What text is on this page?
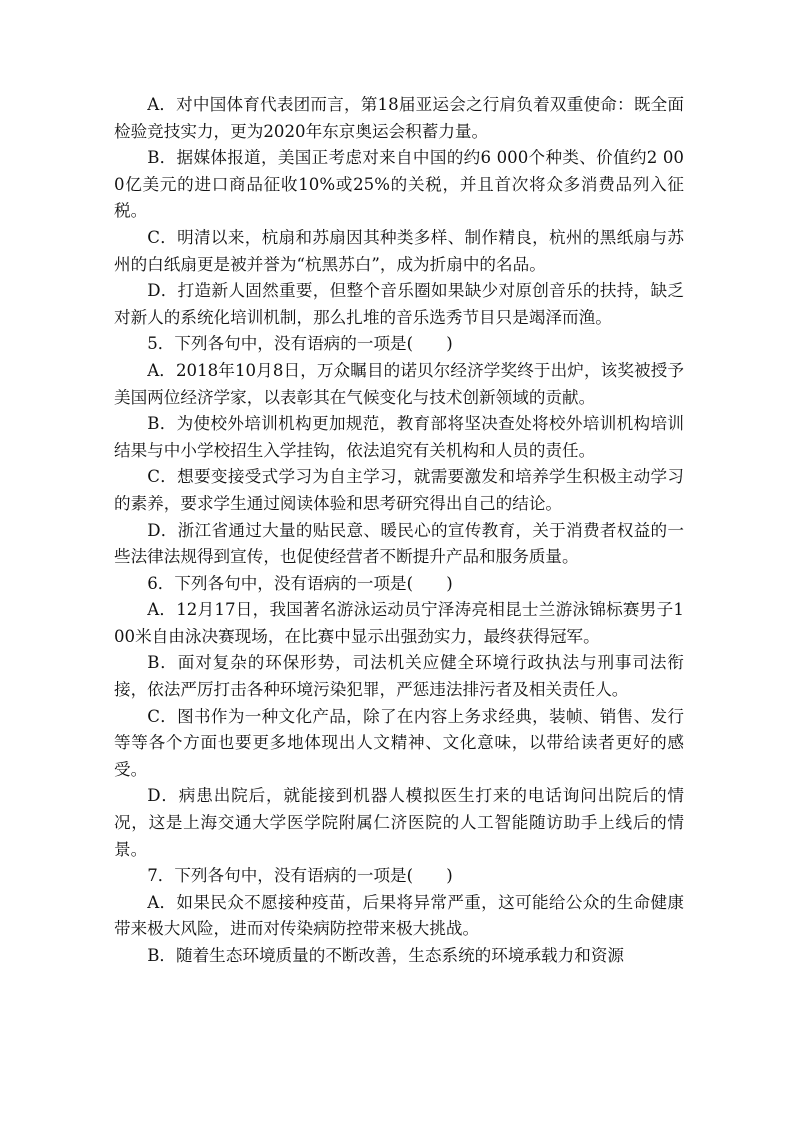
A．对中国体育代表团而言，第18届亚运会之行肩负着双重使命：既全面检验竞技实力，更为2020年东京奥运会积蓄力量。

B．据媒体报道，美国正考虑对来自中国的约6 000个种类、价值约2 000亿美元的进口商品征收10%或25%的关税，并且首次将众多消费品列入征税。

C．明清以来，杭扇和苏扇因其种类多样、制作精良，杭州的黑纸扇与苏州的白纸扇更是被并誉为“杭黑苏白”，成为折扇中的名品。

D．打造新人固然重要，但整个音乐圈如果缺少对原创音乐的扶持，缺乏对新人的系统化培训机制，那么扎堆的音乐选秀节目只是竭泽而渔。

5．下列各句中，没有语病的一项是(　　)

A．2018年10月8日，万众瞩目的诺贝尔经济学奖终于出炉，该奖被授予美国两位经济学家，以表彰其在气候变化与技术创新领域的贡献。

B．为使校外培训机构更加规范，教育部将坚决查处将校外培训机构培训结果与中小学校招生入学挂钩，依法追究有关机构和人员的责任。

C．想要变接受式学习为自主学习，就需要激发和培养学生积极主动学习的素养，要求学生通过阅读体验和思考研究得出自己的结论。

D．浙江省通过大量的贴民意、暖民心的宣传教育，关于消费者权益的一些法律法规得到宣传，也促使经营者不断提升产品和服务质量。

6．下列各句中，没有语病的一项是(　　)

A．12月17日，我国著名游泳运动员宁泽涛亮相昆士兰游泳锦标赛男子100米自由泳决赛现场，在比赛中显示出强劲实力，最终获得冠军。

B．面对复杂的环保形势，司法机关应健全环境行政执法与刑事司法衔接，依法严厉打击各种环境污染犯罪，严惩违法排污者及相关责任人。

C．图书作为一种文化产品，除了在内容上务求经典，装帧、销售、发行等等各个方面也要更多地体现出人文精神、文化意味，以带给读者更好的感受。

D．病患出院后，就能接到机器人模拟医生打来的电话询问出院后的情况，这是上海交通大学医学院附属仁济医院的人工智能随访助手上线后的情景。

7．下列各句中，没有语病的一项是(　　)

A．如果民众不愿接种疫苗，后果将异常严重，这可能给公众的生命健康带来极大风险，进而对传染病防控带来极大挑战。

B．随着生态环境质量的不断改善，生态系统的环境承载力和资源
